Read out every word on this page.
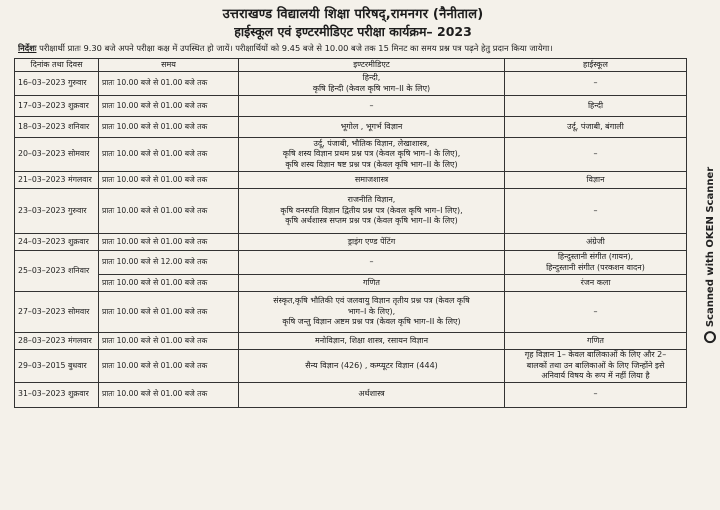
उत्तराखण्ड विद्यालयी शिक्षा परिषद्,रामनगर (नैनीताल)
हाईस्कूल एवं इण्टरमीडिएट परीक्षा कार्यक्रम– 2023
निर्देशः परीक्षार्थी प्रातः 9.30 बजे अपने परीक्षा कक्ष में उपस्थित हो जायें। परीक्षार्थियों को 9.45 बजे से 10.00 बजे तक 15 मिनट का समय प्रश्न पत्र पढ़ने हेतु प्रदान किया जायेगा।
दिनांक तथा दिवस	समय	इण्टरमीडिएट	हाईस्कूल
16–03–2023 गुरुवार	प्रातः 10.00 बजे से 01.00 बजे तक	हिन्दी,
कृषि हिन्दी (केवल कृषि भाग–II के लिए)	–
17–03–2023 शुक्रवार	प्रातः 10.00 बजे से 01.00 बजे तक	–	हिन्दी
18–03–2023 शनिवार	प्रातः 10.00 बजे से 01.00 बजे तक	भूगोल , भूगर्भ विज्ञान	उर्दू, पंजाबी, बंगाली
20–03–2023 सोमवार	प्रातः 10.00 बजे से 01.00 बजे तक	उर्दू, पंजाबी, भौतिक विज्ञान, लेखाशास्त्र,
कृषि शस्य विज्ञान प्रथम प्रश्न पत्र (केवल कृषि भाग–I के लिए),
कृषि शस्य विज्ञान षष्ट प्रश्न पत्र (केवल कृषि भाग–II के लिए)	–
21–03–2023 मंगलवार	प्रातः 10.00 बजे से 01.00 बजे तक	समाजशास्त्र	विज्ञान
23–03–2023 गुरुवार	प्रातः 10.00 बजे से 01.00 बजे तक	राजनीति विज्ञान,
कृषि वनस्पति विज्ञान द्वितीय प्रश्न पत्र (केवल कृषि भाग–I लिए),
कृषि अर्थशास्त्र सप्तम प्रश्न पत्र (केवल कृषि भाग–II के लिए)	–
24–03–2023 शुक्रवार	प्रातः 10.00 बजे से 01.00 बजे तक	ड्राइंग एण्ड पेंटिंग	अंग्रेजी
25–03–2023 शनिवार	प्रातः 10.00 बजे से 12.00 बजे तक	–	हिन्दुस्तानी संगीत (गायन),
हिन्दुस्तानी संगीत (परकशन वादन)
	प्रातः 10.00 बजे से 01.00 बजे तक	गणित	रंजन कला
27–03–2023 सोमवार	प्रातः 10.00 बजे से 01.00 बजे तक	संस्कृत,कृषि भौतिकी एवं जलवायु विज्ञान तृतीय प्रश्न पत्र (केवल कृषि
भाग–I के लिए),
कृषि जन्तु विज्ञान अष्टम प्रश्न पत्र (केवल कृषि भाग–II के लिए)	–
28–03–2023 मंगलवार	प्रातः 10.00 बजे से 01.00 बजे तक	मनोविज्ञान, शिक्षा शास्त्र, रसायन विज्ञान	गणित
29–03–2015 बुधवार	प्रातः 10.00 बजे से 01.00 बजे तक	सैन्य विज्ञान (426) , कम्प्यूटर विज्ञान (444)	गृह विज्ञान 1– केवल बालिकाओं के लिए और 2–
बालकों तथा उन बालिकाओं के लिए जिन्होंने इसे
अनिवार्य विषय के रूप में नहीं लिया है
31–03–2023 शुक्रवार	प्रातः 10.00 बजे से 01.00 बजे तक	अर्थशास्त्र	–
Scanned with OKEN Scanner
